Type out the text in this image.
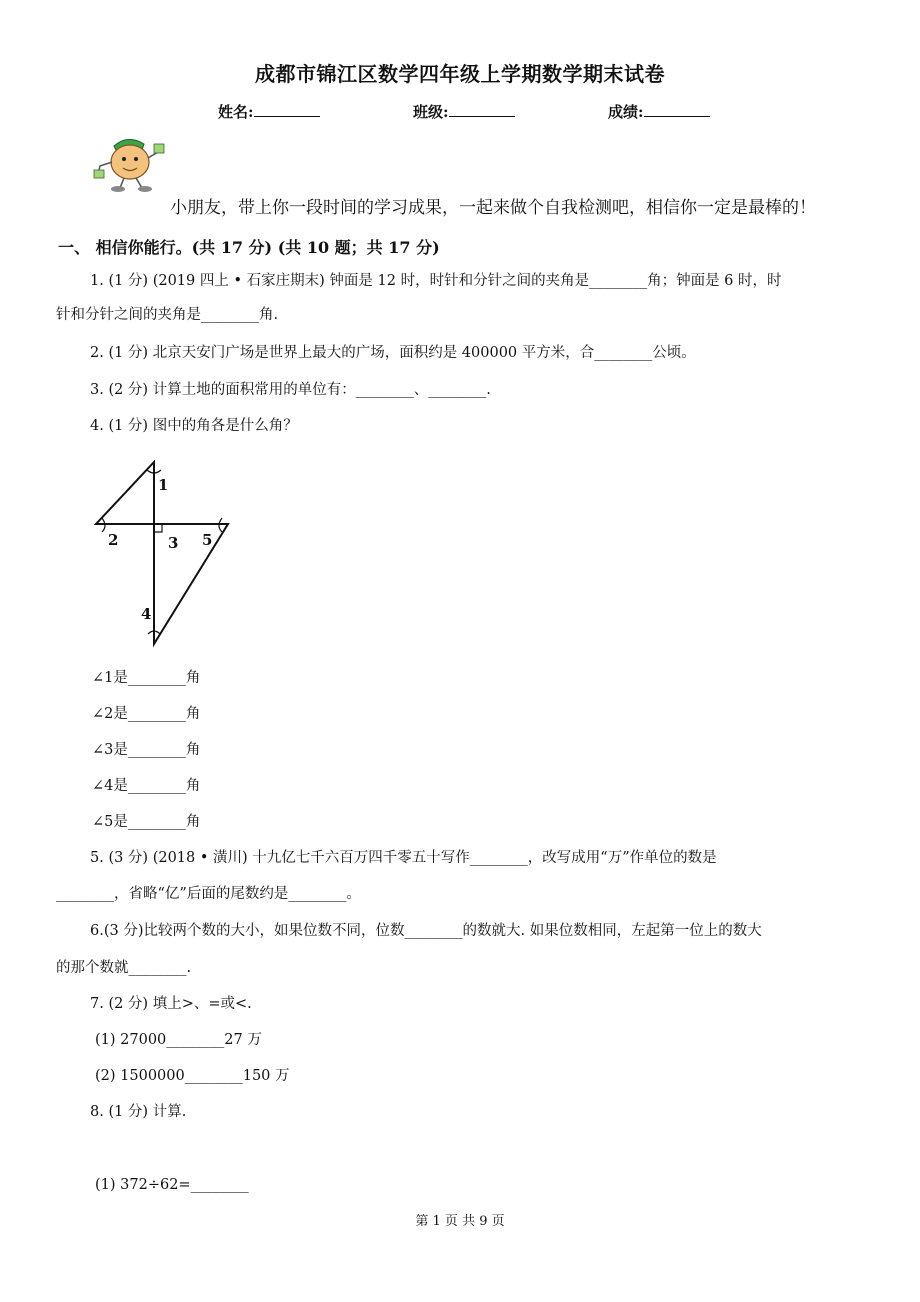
成都市锦江区数学四年级上学期数学期末试卷
姓名:	班级:	成绩:
小朋友，带上你一段时间的学习成果，一起来做个自我检测吧，相信你一定是最棒的！
一、 相信你能行。(共 17 分) (共 10 题；共 17 分)
1. (1 分) (2019 四上 • 石家庄期末) 钟面是 12 时，时针和分针之间的夹角是________角；钟面是 6 时，时
针和分针之间的夹角是________角.
2. (1 分) 北京天安门广场是世界上最大的广场，面积约是 400000 平方米，合________公顷。
3. (2 分) 计算土地的面积常用的单位有：________、________.
4. (1 分) 图中的角各是什么角？
1
2	3
4
5
∠1是________角
∠2是________角
∠3是________角
∠4是________角
∠5是________角
5. (3 分) (2018 • 潢川) 十九亿七千六百万四千零五十写作________，改写成用“万”作单位的数是
________，省略“亿”后面的尾数约是________。
6.(3 分)比较两个数的大小，如果位数不同，位数________的数就大. 如果位数相同，左起第一位上的数大
的那个数就________.
7. (2 分) 填上>、=或<.
(1) 27000________27 万
(2) 1500000________150 万
8. (1 分) 计算.
(1) 372÷62=________
第 1 页 共 9 页
